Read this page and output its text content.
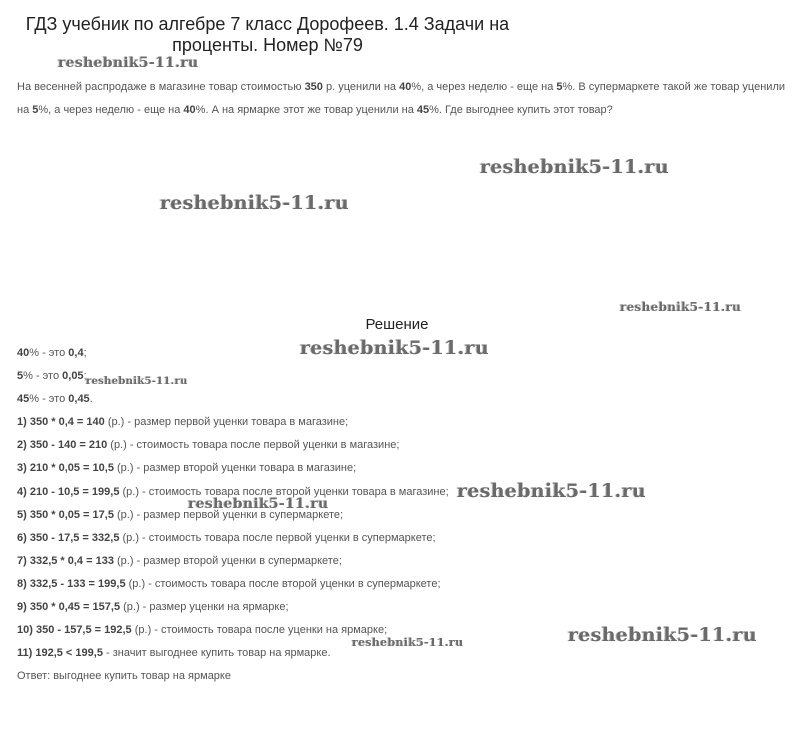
ГДЗ учебник по алгебре 7 класс Дорофеев. 1.4 Задачи на
проценты. Номер №79
На весенней распродаже в магазине товар стоимостью 350 р. уценили на 40%, а через неделю - еще на 5%. В супермаркете такой же товар уценили на 5%, а через неделю - еще на 40%. А на ярмарке этот же товар уценили на 45%. Где выгоднее купить этот товар?
Решение
40% - это 0,4;
5% - это 0,05;
45% - это 0,45.
1) 350 * 0,4 = 140 (р.) - размер первой уценки товара в магазине;
2) 350 - 140 = 210 (р.) - стоимость товара после первой уценки в магазине;
3) 210 * 0,05 = 10,5 (р.) - размер второй уценки товара в магазине;
4) 210 - 10,5 = 199,5 (р.) - стоимость товара после второй уценки товара в магазине;
5) 350 * 0,05 = 17,5 (р.) - размер первой уценки в супермаркете;
6) 350 - 17,5 = 332,5 (р.) - стоимость товара после первой уценки в супермаркете;
7) 332,5 * 0,4 = 133 (р.) - размер второй уценки в супермаркете;
8) 332,5 - 133 = 199,5 (р.) - стоимость товара после второй уценки в супермаркете;
9) 350 * 0,45 = 157,5 (р.) - размер уценки на ярмарке;
10) 350 - 157,5 = 192,5 (р.) - стоимость товара после уценки на ярмарке;
11) 192,5 < 199,5 - значит выгоднее купить товар на ярмарке.
Ответ: выгоднее купить товар на ярмарке
reshebnik5-11.ru
reshebnik5-11.ru
reshebnik5-11.ru
reshebnik5-11.ru
reshebnik5-11.ru
reshebnik5-11.ru
reshebnik5-11.ru
reshebnik5-11.ru
reshebnik5-11.ru
reshebnik5-11.ru
